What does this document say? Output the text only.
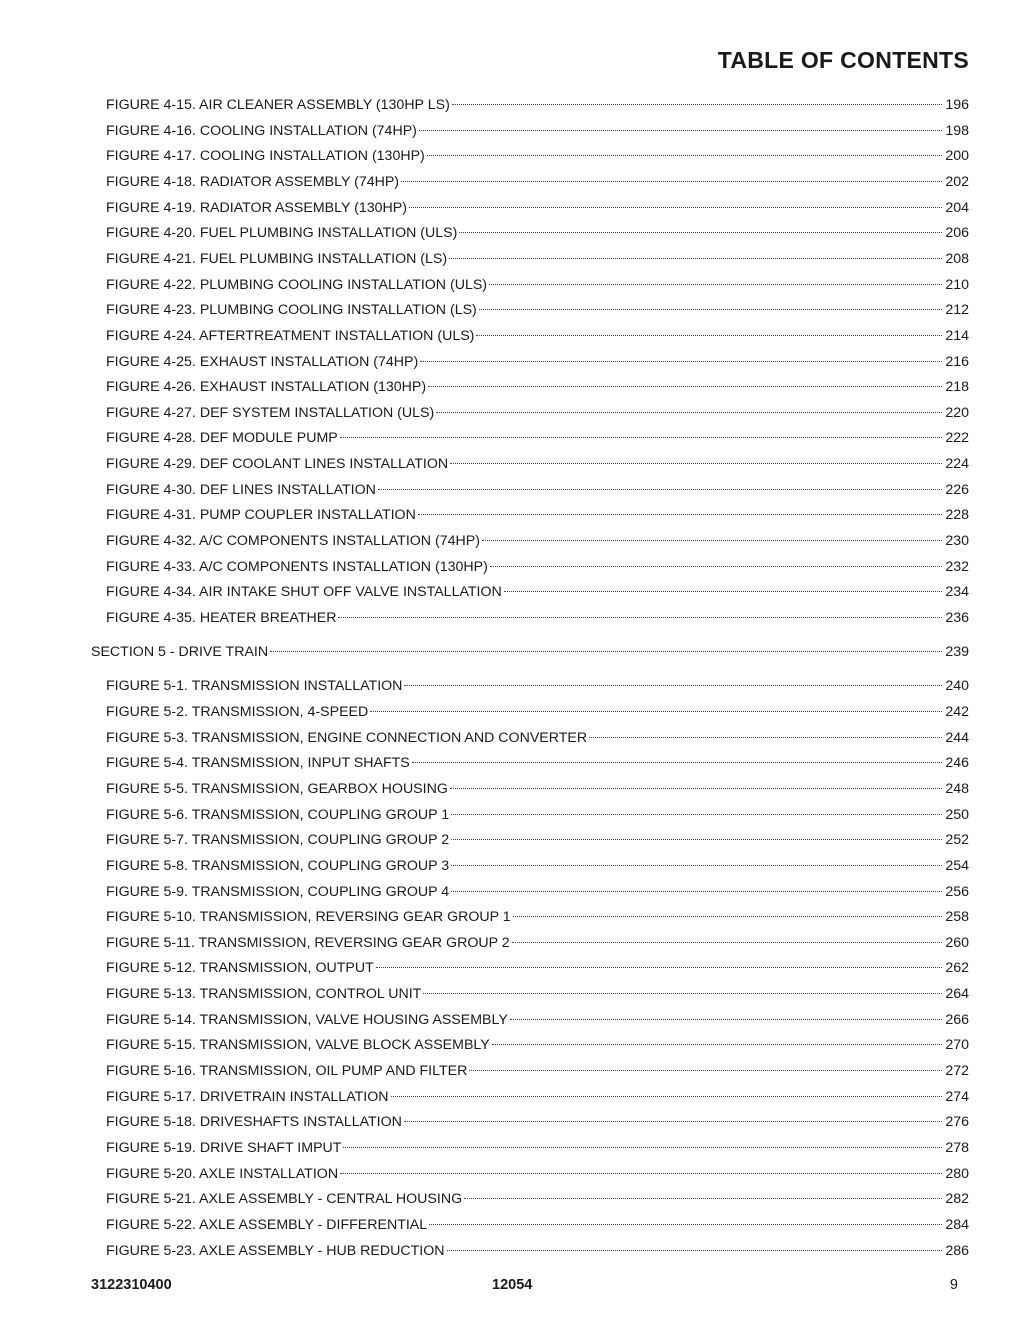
TABLE OF CONTENTS
FIGURE 4-15. AIR CLEANER ASSEMBLY (130HP LS)	196
FIGURE 4-16. COOLING INSTALLATION (74HP)	198
FIGURE 4-17. COOLING INSTALLATION (130HP)	200
FIGURE 4-18. RADIATOR ASSEMBLY (74HP)	202
FIGURE 4-19. RADIATOR ASSEMBLY (130HP)	204
FIGURE 4-20. FUEL PLUMBING INSTALLATION (ULS)	206
FIGURE 4-21. FUEL PLUMBING INSTALLATION (LS)	208
FIGURE 4-22. PLUMBING COOLING INSTALLATION (ULS)	210
FIGURE 4-23. PLUMBING COOLING INSTALLATION (LS)	212
FIGURE 4-24. AFTERTREATMENT INSTALLATION (ULS)	214
FIGURE 4-25. EXHAUST INSTALLATION (74HP)	216
FIGURE 4-26. EXHAUST INSTALLATION (130HP)	218
FIGURE 4-27. DEF SYSTEM INSTALLATION (ULS)	220
FIGURE 4-28. DEF MODULE PUMP	222
FIGURE 4-29. DEF COOLANT LINES INSTALLATION	224
FIGURE 4-30. DEF LINES INSTALLATION	226
FIGURE 4-31. PUMP COUPLER INSTALLATION	228
FIGURE 4-32. A/C COMPONENTS INSTALLATION (74HP)	230
FIGURE 4-33. A/C COMPONENTS INSTALLATION (130HP)	232
FIGURE 4-34. AIR INTAKE SHUT OFF VALVE INSTALLATION	234
FIGURE 4-35. HEATER BREATHER	236
SECTION 5 - DRIVE TRAIN	239
FIGURE 5-1. TRANSMISSION INSTALLATION	240
FIGURE 5-2. TRANSMISSION, 4-SPEED	242
FIGURE 5-3. TRANSMISSION, ENGINE CONNECTION AND CONVERTER	244
FIGURE 5-4. TRANSMISSION, INPUT SHAFTS	246
FIGURE 5-5. TRANSMISSION, GEARBOX HOUSING	248
FIGURE 5-6. TRANSMISSION, COUPLING GROUP 1	250
FIGURE 5-7. TRANSMISSION, COUPLING GROUP 2	252
FIGURE 5-8. TRANSMISSION, COUPLING GROUP 3	254
FIGURE 5-9. TRANSMISSION, COUPLING GROUP 4	256
FIGURE 5-10. TRANSMISSION, REVERSING GEAR GROUP 1	258
FIGURE 5-11. TRANSMISSION, REVERSING GEAR GROUP 2	260
FIGURE 5-12. TRANSMISSION, OUTPUT	262
FIGURE 5-13. TRANSMISSION, CONTROL UNIT	264
FIGURE 5-14. TRANSMISSION, VALVE HOUSING ASSEMBLY	266
FIGURE 5-15. TRANSMISSION, VALVE BLOCK ASSEMBLY	270
FIGURE 5-16. TRANSMISSION, OIL PUMP AND FILTER	272
FIGURE 5-17. DRIVETRAIN INSTALLATION	274
FIGURE 5-18. DRIVESHAFTS INSTALLATION	276
FIGURE 5-19. DRIVE SHAFT IMPUT	278
FIGURE 5-20. AXLE INSTALLATION	280
FIGURE 5-21. AXLE ASSEMBLY - CENTRAL HOUSING	282
FIGURE 5-22. AXLE ASSEMBLY - DIFFERENTIAL	284
FIGURE 5-23. AXLE ASSEMBLY - HUB REDUCTION	286
3122310400	12054	9
